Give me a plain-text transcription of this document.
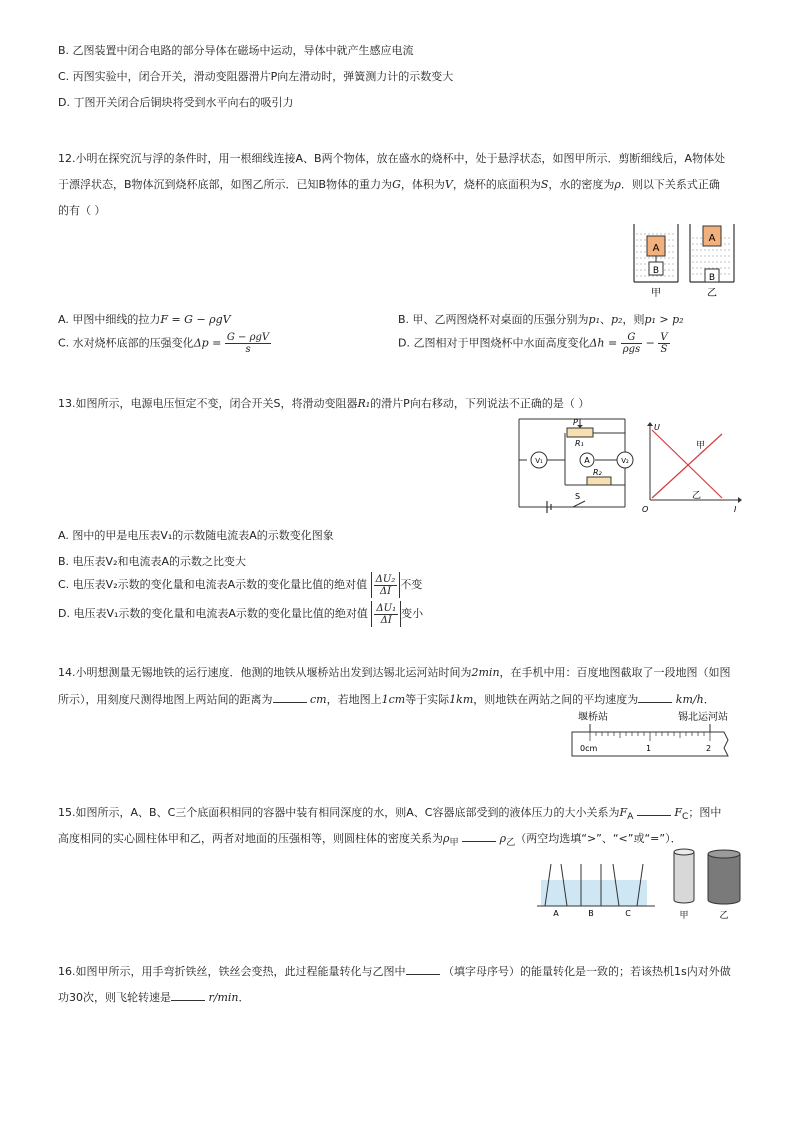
B. 乙图装置中闭合电路的部分导体在磁场中运动，导体中就产生感应电流
C. 丙图实验中，闭合开关，滑动变阻器滑片P向左滑动时，弹簧测力计的示数变大
D. 丁图开关闭合后铜块将受到水平向右的吸引力
12.小明在探究沉与浮的条件时，用一根细线连接A、B两个物体，放在盛水的烧杯中，处于悬浮状态，如图甲所示．剪断细线后，A物体处
于漂浮状态，B物体沉到烧杯底部，如图乙所示．已知B物体的重力为G，体积为V，烧杯的底面积为S，水的密度为ρ．则以下关系式正确
的有（ ）
A
B
A
B
甲	乙
A. 甲图中细线的拉力F = G − ρgV	B. 甲、乙两图烧杯对桌面的压强分别为p₁、p₂，则p₁ > p₂
C. 水对烧杯底部的压强变化$\Delta p = \frac{\text{G − ρgV}}{s}$	D. 乙图相对于甲图烧杯中水面高度变化$\Delta h = \frac{G}{\text{ρgs}} - \frac{V}{S}$
13.如图所示，电源电压恒定不变，闭合开关S，将滑动变阻器R₁的滑片P向右移动，下列说法不正确的是（ ）
P
R₁
R₂
A
V₁	V₂
S
U
I
O
甲
乙
A. 图中的甲是电压表V₁的示数随电流表A的示数变化图象
B. 电压表V₂和电流表A的示数之比变大
C. 电压表V₂示数的变化量和电流表A示数的变化量比值的绝对值 $\frac{\text{ΔU₂}}{\Delta I}$ 不变
D. 电压表V₁示数的变化量和电流表A示数的变化量比值的绝对值 $\frac{\text{ΔU₁}}{\Delta I}$ 变小
14.小明想测量无锡地铁的运行速度．他测的地铁从堰桥站出发到达锡北运河站时间为2min，在手机中用：百度地图截取了一段地图（如图
所示），用刻度尺测得地图上两站间的距离为	cm，若地图上1cm等于实际1km，则地铁在两站之间的平均速度为	km/h．
堰桥站	锡北运河站
0cm	1	2
15.如图所示，A、B、C三个底面积相同的容器中装有相同深度的水，则A、C容器底部受到的液体压力的大小关系为$F_A$	$F_C$；图中
高度相同的实心圆柱体甲和乙，两者对地面的压强相等，则圆柱体的密度关系为$\rho_甲$	$\rho_乙$（两空均选填“>”、“<”或“=”）．
A	B	C	甲	乙
16.如图甲所示，用手弯折铁丝，铁丝会变热，此过程能量转化与乙图中	（填字母序号）的能量转化是一致的；若该热机1s内对外做
功30次，则飞轮转速是	r/min．
